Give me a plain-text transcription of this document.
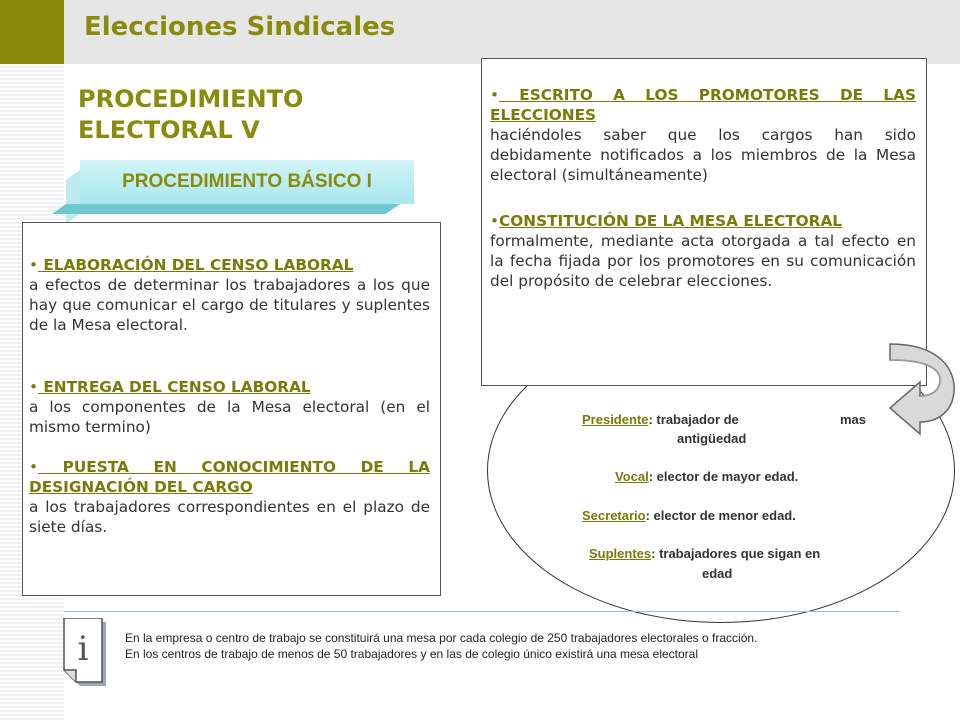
Elecciones Sindicales
PROCEDIMIENTO
ELECTORAL V
PROCEDIMIENTO BÁSICO I
• ELABORACIÓN DEL CENSO LABORAL
a efectos de determinar los trabajadores a los que hay que comunicar el cargo de titulares y suplentes de la Mesa electoral.
• ENTREGA DEL CENSO LABORAL
a los componentes de la Mesa electoral (en el mismo termino)
• PUESTA EN CONOCIMIENTO DE LA DESIGNACIÓN DEL CARGO
a los trabajadores correspondientes en el plazo de siete días.
Presidente: trabajador de	mas
antigüedad
Vocal: elector de mayor edad.
Secretario: elector de menor edad.
Suplentes: trabajadores que sigan en
edad
• ESCRITO A LOS PROMOTORES DE LAS ELECCIONES
haciéndoles saber que los cargos han sido debidamente notificados a los miembros de la Mesa electoral (simultáneamente)
•CONSTITUCIÓN DE LA MESA ELECTORAL
formalmente, mediante acta otorgada a tal efecto en la fecha fijada por los promotores en su comunicación del propósito de celebrar elecciones.
i	En la empresa o centro de trabajo se constituirá una mesa por cada colegio de 250 trabajadores electorales o fracción.
En los centros de trabajo de menos de 50 trabajadores y en las de colegio único existirá una mesa electoral
